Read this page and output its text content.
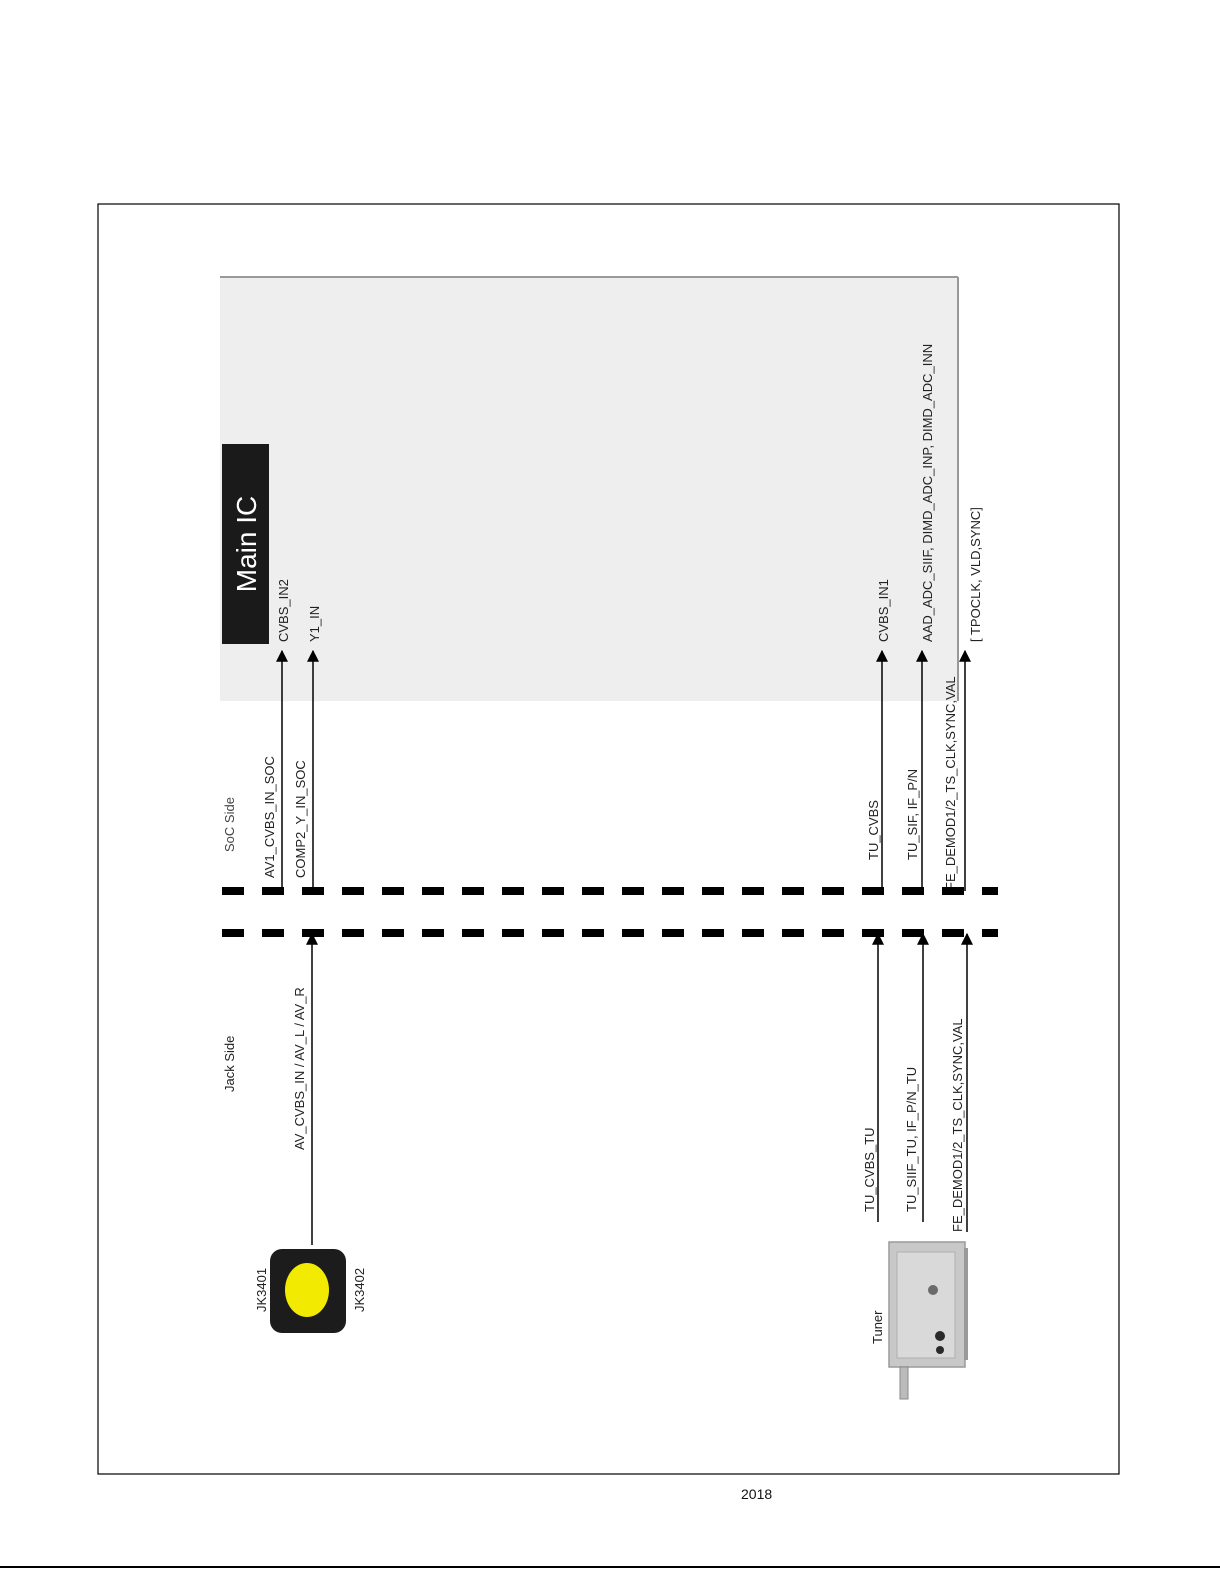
Main IC
CVBS_IN2 Y1_IN	CVBS_IN1 AAD_ADC_SIIF, DIMD_ADC_INP, DIMD_ADC_INN	[ TPOCLK, VLD,SYNC]
SoC Side
Jack Side
AV1_CVBS_IN_SOC COMP2_Y_IN_SOC	TU_CVBS TU_SIF, IF_P/N FE_DEMOD1/2_TS_CLK,SYNC,VAL
AV_CVBS_IN / AV_L / AV_R
TU_CVBS_TU TU_SIIF_TU, IF_P/N_TU FE_DEMOD1/2_TS_CLK,SYNC,VAL
JK3401	JK3402
Tuner
2018
